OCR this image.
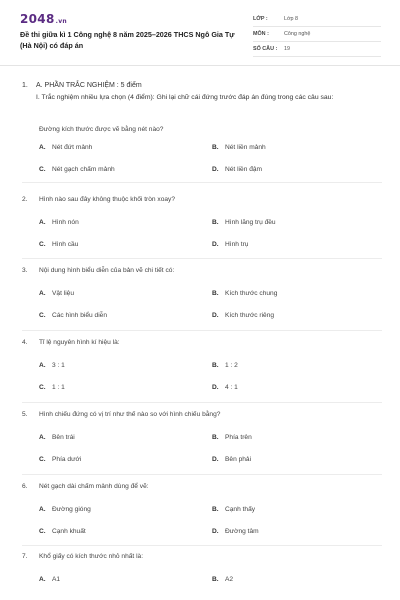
2048.vn
Đề thi giữa kì 1 Công nghệ 8 năm 2025–2026 THCS Ngô Gia Tự (Hà Nội) có đáp án
LỚP :	Lớp 8
MÔN :	Công nghệ
SỐ CÂU :	19
1.	A. PHẦN TRẮC NGHIỆM : 5 điểm
I. Trắc nghiệm nhiều lựa chọn (4 điểm): Ghi lại chữ cái đứng trước đáp án đúng trong các câu sau:
Đường kích thước được vẽ bằng nét nào?
A. Nét đứt mảnh	B. Nét liền mảnh
C. Nét gạch chấm mảnh	D. Nét liền đậm
2.	Hình nào sau đây không thuộc khối tròn xoay?
A. Hình nón	B. Hình lăng trụ đều
C. Hình cầu	D. Hình trụ
3.	Nội dung hình biểu diễn của bản vẽ chi tiết có:
A. Vật liệu	B. Kích thước chung
C. Các hình biểu diễn	D. Kích thước riêng
4.	Tỉ lệ nguyên hình kí hiệu là:
A. 3 : 1	B. 1 : 2
C. 1 : 1	D. 4 : 1
5.	Hình chiếu đứng có vị trí như thế nào so với hình chiếu bằng?
A. Bên trái	B. Phía trên
C. Phía dưới	D. Bên phải
6.	Nét gạch dài chấm mảnh dùng để vẽ:
A. Đường gióng	B. Cạnh thấy
C. Cạnh khuất	D. Đường tâm
7.	Khổ giấy có kích thước nhỏ nhất là:
A. A1	B. A2
